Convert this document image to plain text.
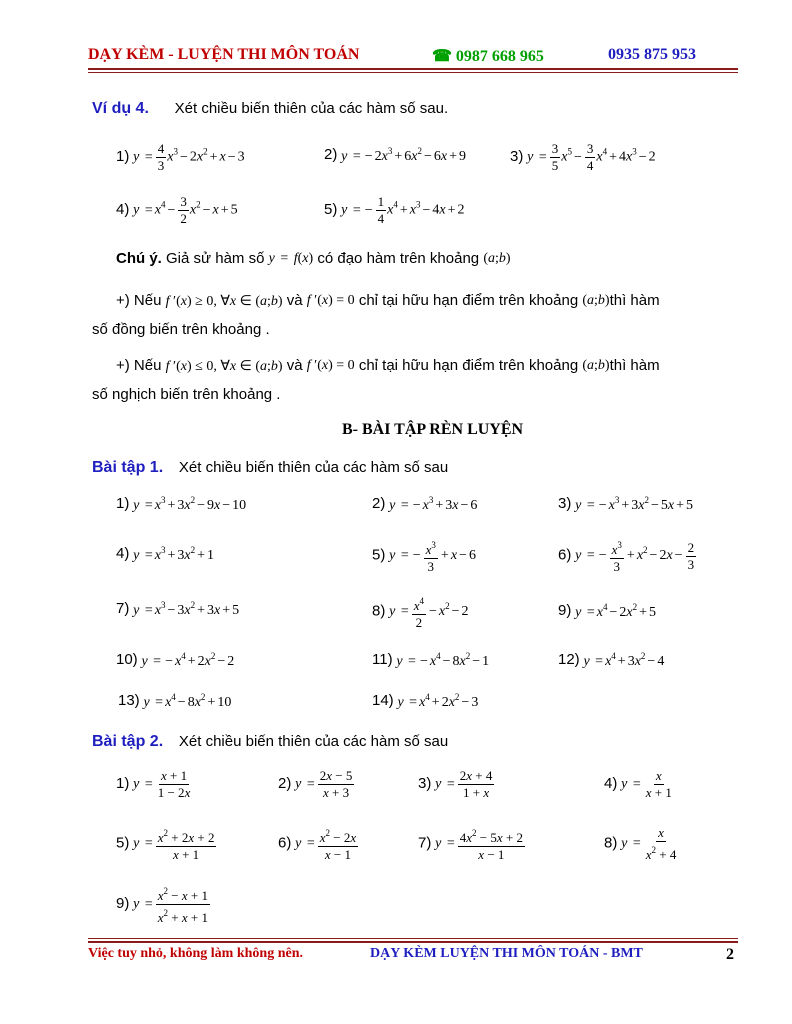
DẠY KÈM - LUYỆN THI MÔN TOÁN	☎ 0987 668 965	0935 875 953
Ví dụ 4. Xét chiều biến thiên của các hàm số sau.
1) $y = \frac{4}{3} x^3 - 2x^2 + x - 3$	2) y = − $2x^3 + 6x^2 - 6x + 9$	3) $y = \frac{3}{5} x^5 - \frac{3}{4} x^4 + 4x^3 - 2$
4) $y = x^4 - \frac{3}{2} x^2 - x + 5$	5) y = − $\frac{1}{4} x^4 + x^3 - 4x + 2$
Chú ý. Giả sử hàm số y = f(x) có đạo hàm trên khoảng (a;b)
+) Nếu f ′(x) ≥ 0, ∀x ∈ (a;b) và f ′(x) = 0 chỉ tại hữu hạn điểm trên khoảng (a;b)thì hàm
số đồng biến trên khoảng .
+) Nếu f ′(x) ≤ 0, ∀x ∈ (a;b) và f ′(x) = 0 chỉ tại hữu hạn điểm trên khoảng (a;b)thì hàm
số nghịch biến trên khoảng .
B- BÀI TẬP RÈN LUYỆN
Bài tập 1. Xét chiều biến thiên của các hàm số sau
1) $y = x^3 + 3x^2 - 9x - 10$	2) y = − $x^3 + 3x - 6$	3) y = − $x^3 + 3x^2 - 5x + 5$
4) $y = x^3 + 3x^2 + 1$	5) y = − $\frac{x^3}{3} + x - 6$	6) y = − $\frac{x^3}{3} + x^2 - 2x - \frac{2}{3}$
7) $y = x^3 - 3x^2 + 3x + 5$	8) $y = \frac{x^4}{2} - x^2 - 2$	9) $y = x^4 - 2x^2 + 5$
10) y = − $x^4 + 2x^2 - 2$	11) y = − $x^4 - 8x^2 - 1$	12) $y = x^4 + 3x^2 - 4$
13) $y = x^4 - 8x^2 + 10$	14) $y = x^4 + 2x^2 - 3$
Bài tập 2. Xét chiều biến thiên của các hàm số sau
1) $y = \frac{x + 1}{1 - 2x}$	2) $y = \frac{2x - 5}{x + 3}$	3) $y = \frac{2x + 4}{1 + x}$	4) $y = \frac{x}{x + 1}$
5) $y = \frac{x^2 + 2x + 2}{x + 1}$	6) $y = \frac{x^2 - 2x}{x - 1}$	7) $y = \frac{4x^2 - 5x + 2}{x - 1}$	8) $y = \frac{x}{x^2 + 4}$
9) $y = \frac{x^2 - x + 1}{x^2 + x + 1}$
Việc tuy nhỏ, không làm không nên.	DẠY KÈM LUYỆN THI MÔN TOÁN - BMT	2
